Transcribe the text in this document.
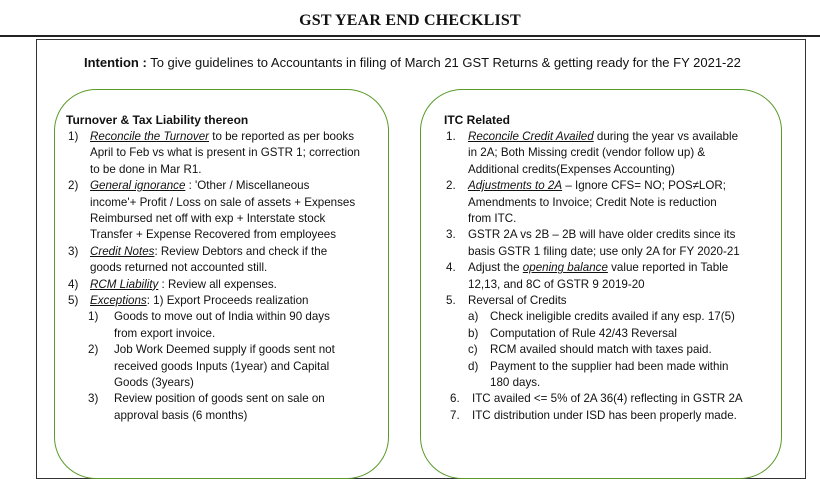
GST YEAR END CHECKLIST
Intention : To give guidelines to Accountants in filing of March 21 GST Returns & getting ready for the FY 2021-22
Turnover & Tax Liability thereon	ITC Related
1) Reconcile the Turnover to be reported as per books
April to Feb vs what is present in GSTR 1; correction
to be done in Mar R1.
2) General ignorance : 'Other / Miscellaneous
income'+ Profit / Loss on sale of assets + Expenses
Reimbursed net off with exp + Interstate stock
Transfer + Expense Recovered from employees
3) Credit Notes: Review Debtors and check if the
goods returned not accounted still.
4) RCM Liability : Review all expenses.
5) Exceptions: 1) Export Proceeds realization
1) Goods to move out of India within 90 days
from export invoice.
2) Job Work Deemed supply if goods sent not
received goods Inputs (1year) and Capital
Goods (3years)
3) Review position of goods sent on sale on
approval basis (6 months)
1. Reconcile Credit Availed during the year vs available
in 2A; Both Missing credit (vendor follow up) &
Additional credits(Expenses Accounting)
2. Adjustments to 2A – Ignore CFS= NO; POS≠LOR;
Amendments to Invoice; Credit Note is reduction
from ITC.
3. GSTR 2A vs 2B – 2B will have older credits since its
basis GSTR 1 filing date; use only 2A for FY 2020-21
4. Adjust the opening balance value reported in Table
12,13, and 8C of GSTR 9 2019-20
5. Reversal of Credits
a) Check ineligible credits availed if any esp. 17(5)
b) Computation of Rule 42/43 Reversal
c) RCM availed should match with taxes paid.
d) Payment to the supplier had been made within
180 days.
6. ITC availed <= 5% of 2A 36(4) reflecting in GSTR 2A
7. ITC distribution under ISD has been properly made.
